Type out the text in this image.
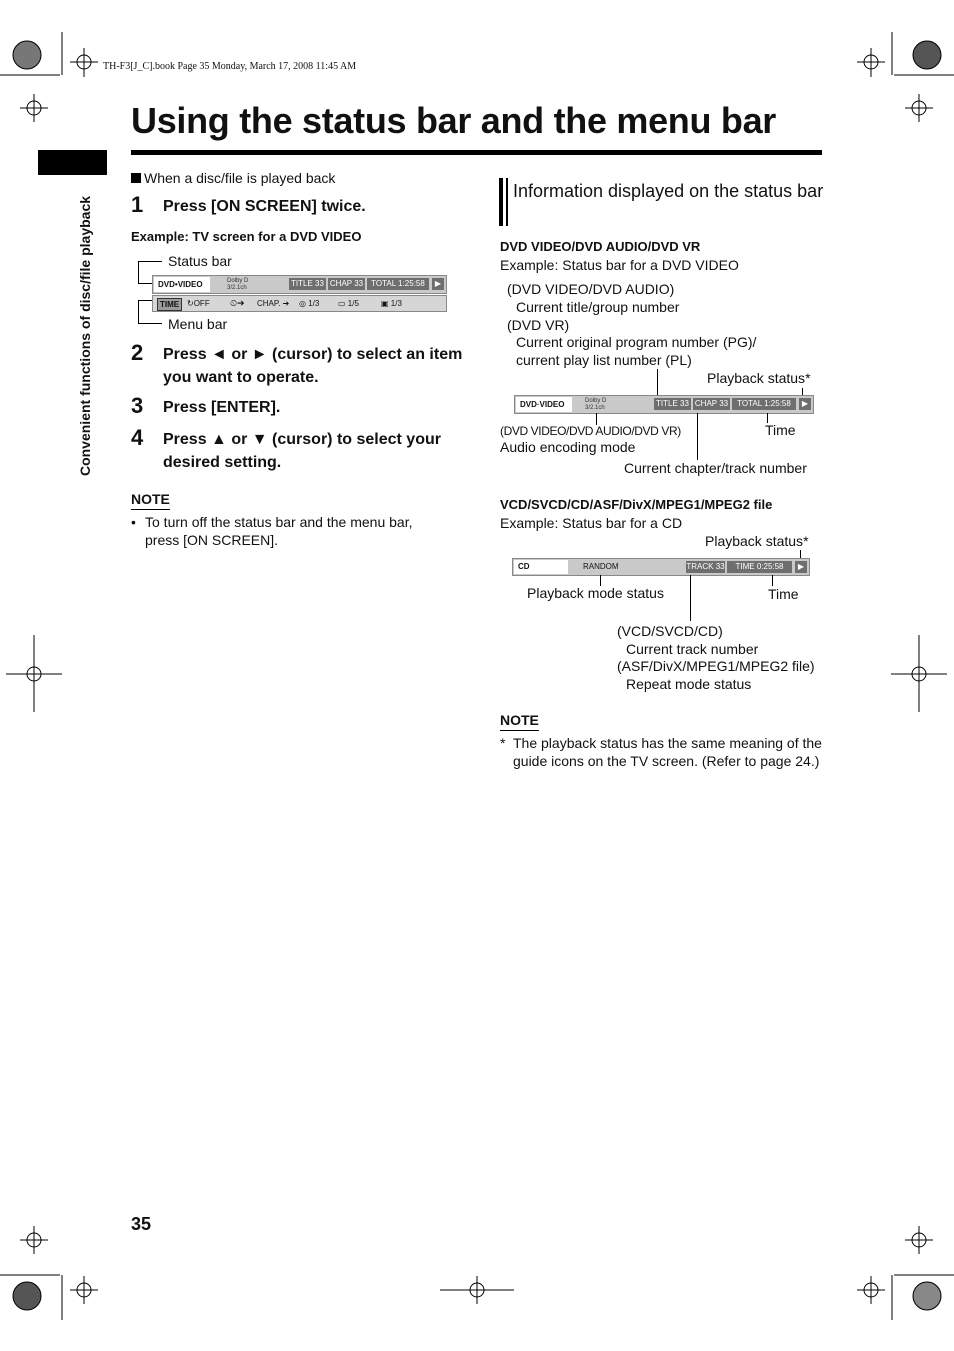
TH-F3[J_C].book Page 35 Monday, March 17, 2008 11:45 AM
Using the status bar and the menu bar
Convenient functions of disc/file playback
When a disc/file is played back
1 Press [ON SCREEN] twice.
Example: TV screen for a DVD VIDEO
Status bar
Menu bar
DVD•VIDEO	Dolby D
3/2.1ch	TITLE 33 CHAP 33	TOTAL 1:25:58	▶
TIME ↻OFF ⏲➔ CHAP. ➔ ◎ 1/3 ▭ 1/5	▣ 1/3
2 Press ◄ or ► (cursor) to select an item you want to operate.
3 Press [ENTER].
4 Press ▲ or ▼ (cursor) to select your desired setting.
NOTE
• To turn off the status bar and the menu bar, press [ON SCREEN].
Information displayed on the status bar
DVD VIDEO/DVD AUDIO/DVD VR
Example: Status bar for a DVD VIDEO
(DVD VIDEO/DVD AUDIO)
Current title/group number
(DVD VR)
Current original program number (PG)/
current play list number (PL)
Playback status*
DVD·VIDEO	Dolby D
3/2.1ch	TITLE 33 CHAP 33	TOTAL 1:25:58	▶
(DVD VIDEO/DVD AUDIO/DVD VR)	Time
Audio encoding mode
Current chapter/track number
VCD/SVCD/CD/ASF/DivX/MPEG1/MPEG2 file
Example: Status bar for a CD
Playback status*
CD	RANDOM	TRACK 33	TIME 0:25:58	▶
Playback mode status	Time
(VCD/SVCD/CD)
Current track number
(ASF/DivX/MPEG1/MPEG2 file)
Repeat mode status
NOTE
* The playback status has the same meaning of the guide icons on the TV screen. (Refer to page 24.)
35
